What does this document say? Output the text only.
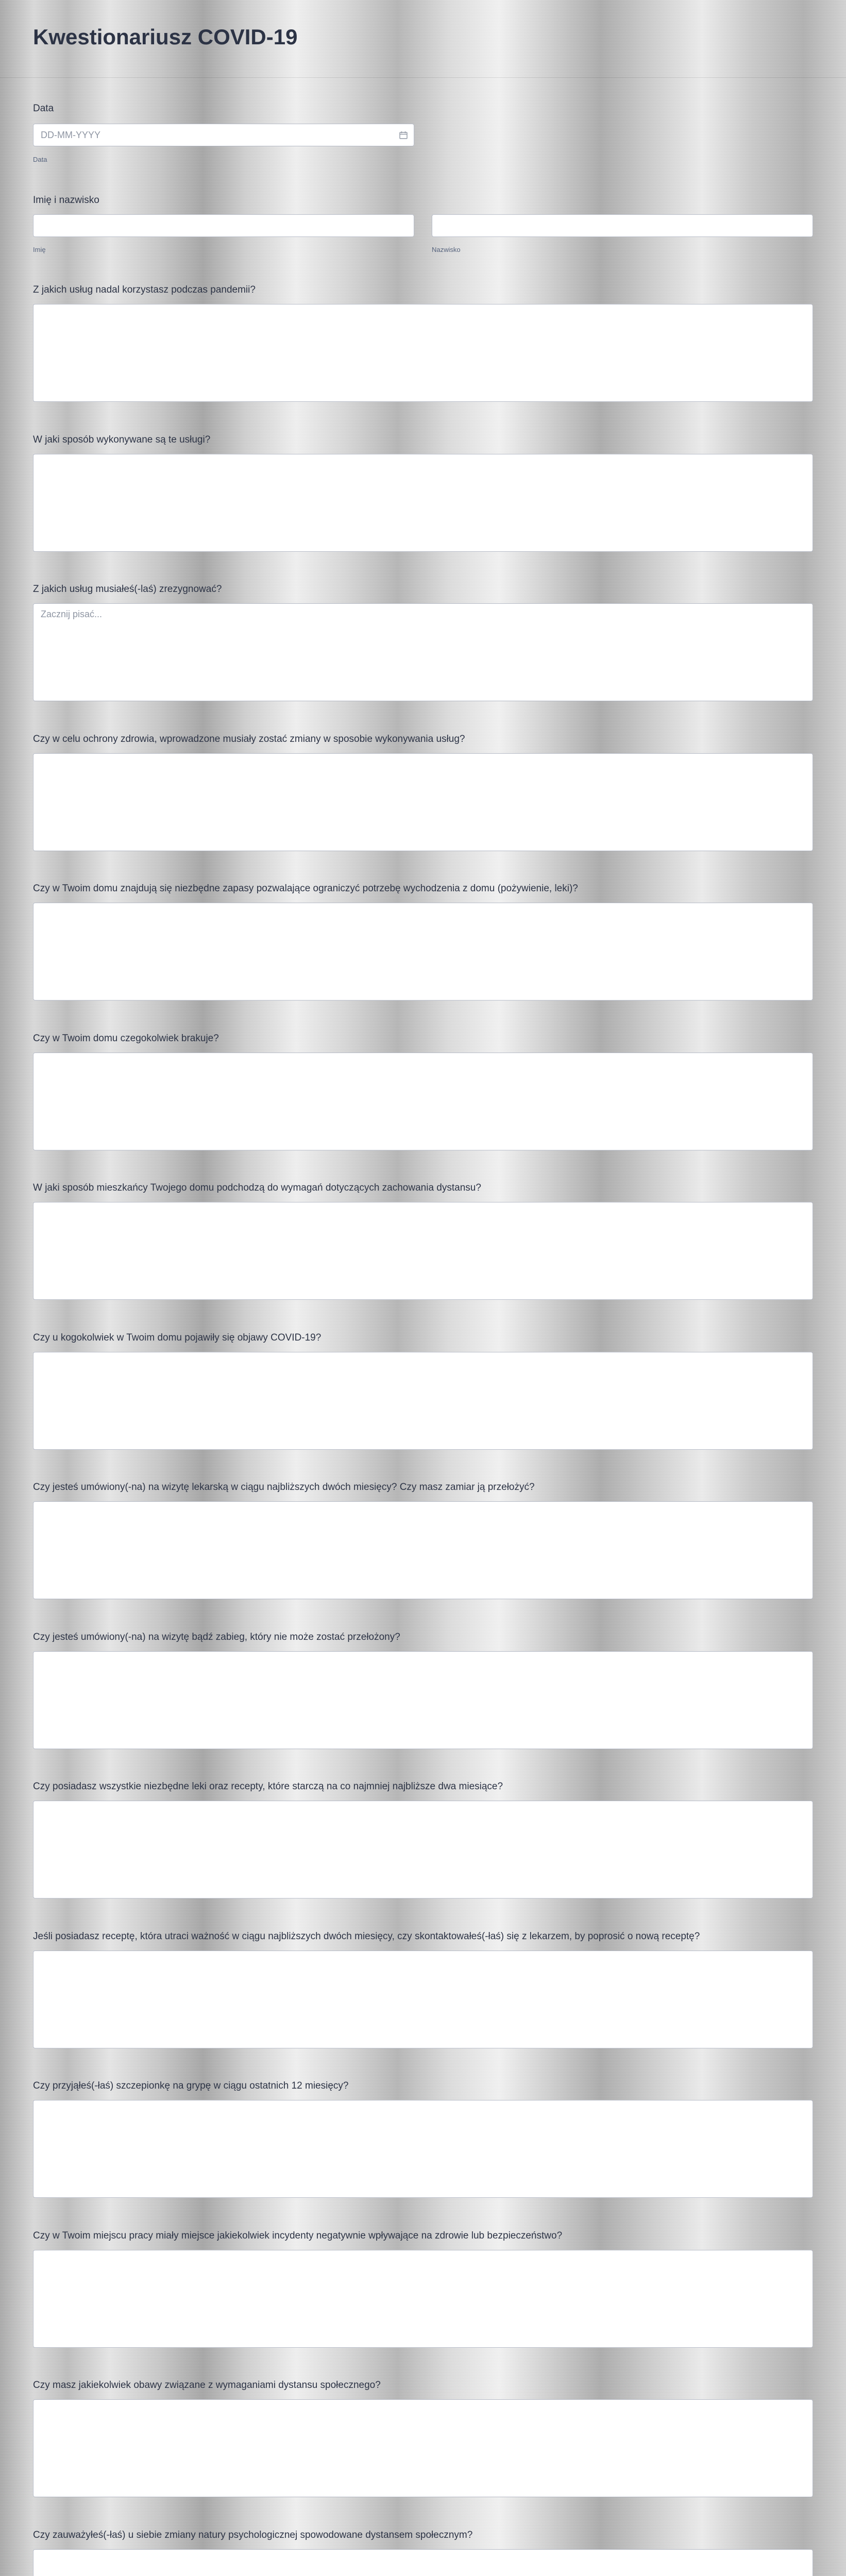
Kwestionariusz COVID-19
Data
DD-MM-YYYY
Data
Imię i nazwisko
Imię	Nazwisko
Z jakich usług nadal korzystasz podczas pandemii?
W jaki sposób wykonywane są te usługi?
Z jakich usług musiałeś(-laś) zrezygnować?
Zacznij pisać...
Czy w celu ochrony zdrowia, wprowadzone musiały zostać zmiany w sposobie wykonywania usług?
Czy w Twoim domu znajdują się niezbędne zapasy pozwalające ograniczyć potrzebę wychodzenia z domu (pożywienie, leki)?
Czy w Twoim domu czegokolwiek brakuje?
W jaki sposób mieszkańcy Twojego domu podchodzą do wymagań dotyczących zachowania dystansu?
Czy u kogokolwiek w Twoim domu pojawiły się objawy COVID-19?
Czy jesteś umówiony(-na) na wizytę lekarską w ciągu najbliższych dwóch miesięcy? Czy masz zamiar ją przełożyć?
Czy jesteś umówiony(-na) na wizytę bądź zabieg, który nie może zostać przełożony?
Czy posiadasz wszystkie niezbędne leki oraz recepty, które starczą na co najmniej najbliższe dwa miesiące?
Jeśli posiadasz receptę, która utraci ważność w ciągu najbliższych dwóch miesięcy, czy skontaktowałeś(-łaś) się z lekarzem, by poprosić o nową receptę?
Czy przyjąłeś(-łaś) szczepionkę na grypę w ciągu ostatnich 12 miesięcy?
Czy w Twoim miejscu pracy miały miejsce jakiekolwiek incydenty negatywnie wpływające na zdrowie lub bezpieczeństwo?
Czy masz jakiekolwiek obawy związane z wymaganiami dystansu społecznego?
Czy zauważyłeś(-łaś) u siebie zmiany natury psychologicznej spowodowane dystansem społecznym?
